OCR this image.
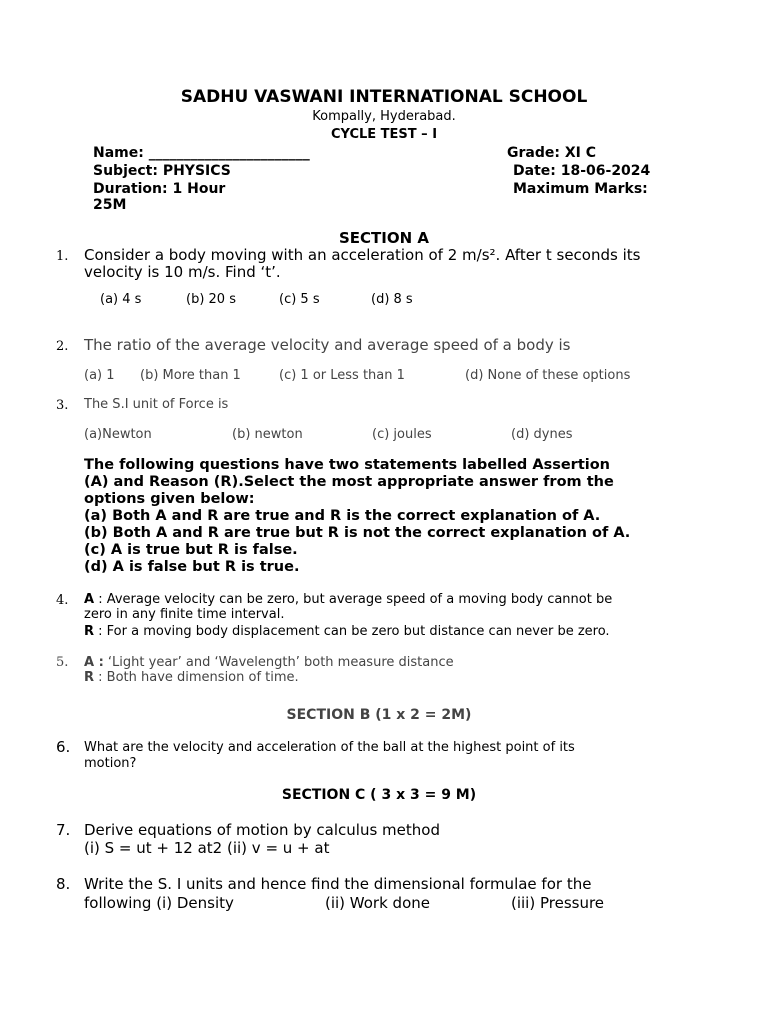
SADHU VASWANI INTERNATIONAL SCHOOL
Kompally, Hyderabad.
CYCLE TEST – I
Name: _______________________	Grade: XI C
Subject: PHYSICS	Date: 18-06-2024
Duration: 1 Hour	Maximum Marks:
25M
SECTION A
1. Consider a body moving with an acceleration of 2 m/s². After t seconds its
velocity is 10 m/s. Find ‘t’.
(a) 4 s	(b) 20 s	(c) 5 s	(d) 8 s
2. The ratio of the average velocity and average speed of a body is
(a) 1 (b) More than 1	(c) 1 or Less than 1	(d) None of these options
3. The S.I unit of Force is
(a)Newton	(b) newton	(c) joules	(d) dynes
The following questions have two statements labelled Assertion
(A) and Reason (R).Select the most appropriate answer from the
options given below:
(a) Both A and R are true and R is the correct explanation of A.
(b) Both A and R are true but R is not the correct explanation of A.
(c) A is true but R is false.
(d) A is false but R is true.
4. A : Average velocity can be zero, but average speed of a moving body cannot be
zero in any finite time interval.
R : For a moving body displacement can be zero but distance can never be zero.
5. A : ‘Light year’ and ‘Wavelength’ both measure distance
R : Both have dimension of time.
SECTION B (1 x 2 = 2M)
6. What are the velocity and acceleration of the ball at the highest point of its
motion?
SECTION C ( 3 x 3 = 9 M)
7. Derive equations of motion by calculus method
(i) S = ut + 12 at2 (ii) v = u + at
8. Write the S. I units and hence find the dimensional formulae for the
following (i) Density	(ii) Work done	(iii) Pressure
